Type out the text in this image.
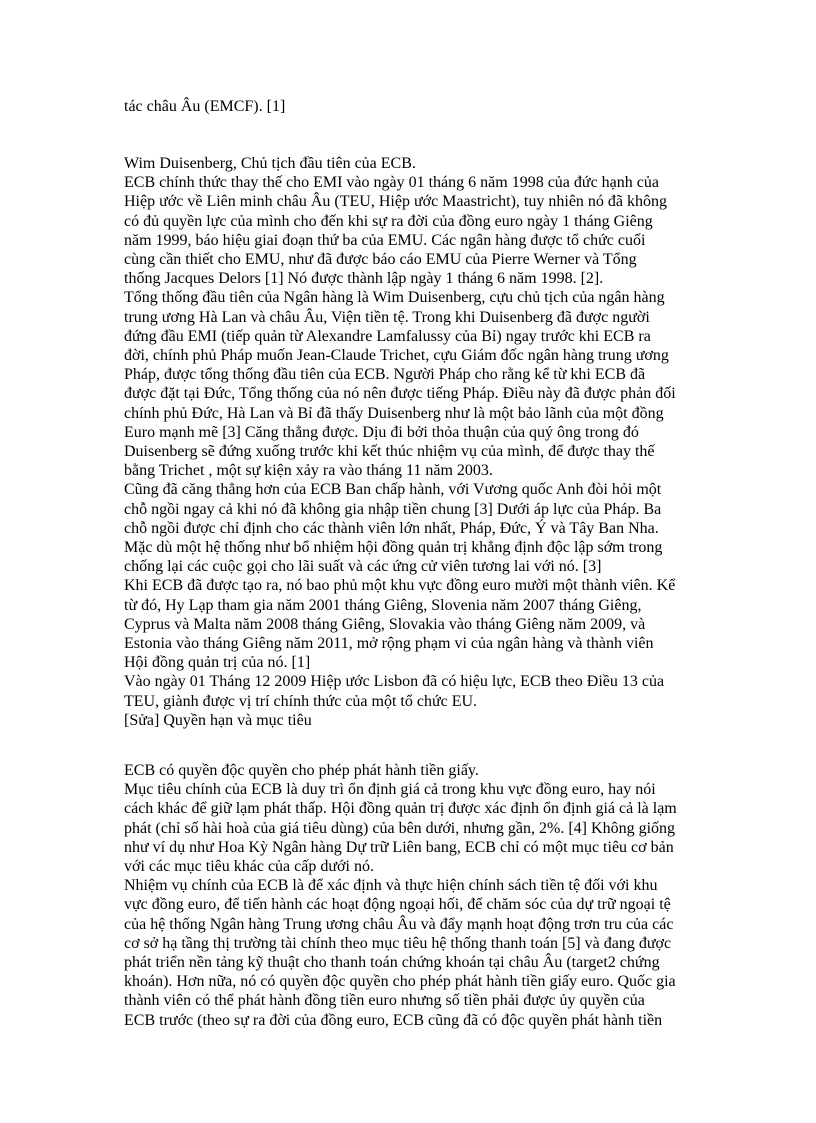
tác châu Âu (EMCF). [1]
Wim Duisenberg, Chủ tịch đầu tiên của ECB.
ECB chính thức thay thế cho EMI vào ngày 01 tháng 6 năm 1998 của đức hạnh của
Hiệp ước về Liên minh châu Âu (TEU, Hiệp ước Maastricht), tuy nhiên nó đã không
có đủ quyền lực của mình cho đến khi sự ra đời của đồng euro ngày 1 tháng Giêng
năm 1999, báo hiệu giai đoạn thứ ba của EMU. Các ngân hàng được tổ chức cuối
cùng cần thiết cho EMU, như đã được báo cáo EMU của Pierre Werner và Tổng
thống Jacques Delors [1] Nó được thành lập ngày 1 tháng 6 năm 1998. [2].
Tổng thống đầu tiên của Ngân hàng là Wim Duisenberg, cựu chủ tịch của ngân hàng
trung ương Hà Lan và châu Âu, Viện tiền tệ. Trong khi Duisenberg đã được người
đứng đầu EMI (tiếp quản từ Alexandre Lamfalussy của Bỉ) ngay trước khi ECB ra
đời, chính phủ Pháp muốn Jean-Claude Trichet, cựu Giám đốc ngân hàng trung ương
Pháp, được tổng thống đầu tiên của ECB. Người Pháp cho rằng kể từ khi ECB đã
được đặt tại Đức, Tổng thống của nó nên được tiếng Pháp. Điều này đã được phản đối
chính phủ Đức, Hà Lan và Bỉ đã thấy Duisenberg như là một bảo lãnh của một đồng
Euro mạnh mẽ [3] Căng thẳng được. Dịu đi bởi thỏa thuận của quý ông trong đó
Duisenberg sẽ đứng xuống trước khi kết thúc nhiệm vụ của mình, để được thay thế
bằng Trichet , một sự kiện xảy ra vào tháng 11 năm 2003.
Cũng đã căng thẳng hơn của ECB Ban chấp hành, với Vương quốc Anh đòi hỏi một
chỗ ngồi ngay cả khi nó đã không gia nhập tiền chung [3] Dưới áp lực của Pháp. Ba
chỗ ngồi được chỉ định cho các thành viên lớn nhất, Pháp, Đức, Ý và Tây Ban Nha.
Mặc dù một hệ thống như bổ nhiệm hội đồng quản trị khẳng định độc lập sớm trong
chống lại các cuộc gọi cho lãi suất và các ứng cử viên tương lai với nó. [3]
Khi ECB đã được tạo ra, nó bao phủ một khu vực đồng euro mười một thành viên. Kể
từ đó, Hy Lạp tham gia năm 2001 tháng Giêng, Slovenia năm 2007 tháng Giêng,
Cyprus và Malta năm 2008 tháng Giêng, Slovakia vào tháng Giêng năm 2009, và
Estonia vào tháng Giêng năm 2011, mở rộng phạm vi của ngân hàng và thành viên
Hội đồng quản trị của nó. [1]
Vào ngày 01 Tháng 12 2009 Hiệp ước Lisbon đã có hiệu lực, ECB theo Điều 13 của
TEU, giành được vị trí chính thức của một tổ chức EU.
[Sửa] Quyền hạn và mục tiêu
ECB có quyền độc quyền cho phép phát hành tiền giấy.
Mục tiêu chính của ECB là duy trì ổn định giá cả trong khu vực đồng euro, hay nói
cách khác để giữ lạm phát thấp. Hội đồng quản trị được xác định ổn định giá cả là lạm
phát (chỉ số hài hoà của giá tiêu dùng) của bên dưới, nhưng gần, 2%. [4] Không giống
như ví dụ như Hoa Kỳ Ngân hàng Dự trữ Liên bang, ECB chỉ có một mục tiêu cơ bản
với các mục tiêu khác của cấp dưới nó.
Nhiệm vụ chính của ECB là để xác định và thực hiện chính sách tiền tệ đối với khu
vực đồng euro, để tiến hành các hoạt động ngoại hối, để chăm sóc của dự trữ ngoại tệ
của hệ thống Ngân hàng Trung ương châu Âu và đẩy mạnh hoạt động trơn tru của các
cơ sở hạ tầng thị trường tài chính theo mục tiêu hệ thống thanh toán [5] và đang được
phát triển nền tảng kỹ thuật cho thanh toán chứng khoán tại châu Âu (target2 chứng
khoán). Hơn nữa, nó có quyền độc quyền cho phép phát hành tiền giấy euro. Quốc gia
thành viên có thể phát hành đồng tiền euro nhưng số tiền phải được ủy quyền của
ECB trước (theo sự ra đời của đồng euro, ECB cũng đã có độc quyền phát hành tiền
